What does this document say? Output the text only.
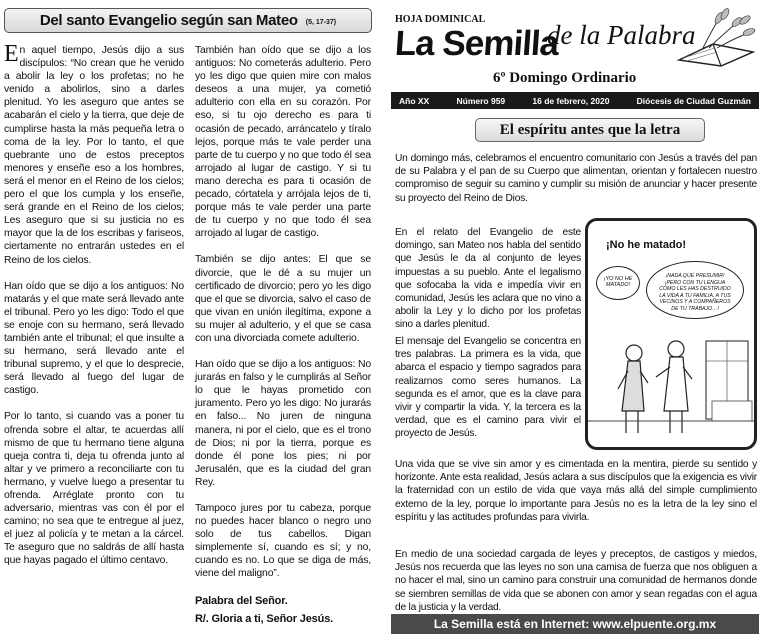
Del santo Evangelio según san Mateo (5, 17-37)

En aquel tiempo, Jesús dijo a sus discípulos: “No crean que he venido a abolir la ley o los profetas; no he venido a abolirlos, sino a darles plenitud. Yo les aseguro que antes se acabarán el cielo y la tierra, que deje de cumplirse hasta la más pequeña letra o coma de la ley. Por lo tanto, el que quebrante uno de estos preceptos menores y enseñe eso a los hombres, será el menor en el Reino de los cielos; pero el que los cumpla y los enseñe, será grande en el Reino de los cielos; Les aseguro que si su justicia no es mayor que la de los escribas y fariseos, ciertamente no entrarán ustedes en el Reino de los cielos.

Han oído que se dijo a los antiguos: No matarás y el que mate será llevado ante el tribunal. Pero yo les digo: Todo el que se enoje con su hermano, será llevado también ante el tribunal; el que insulte a su hermano, será llevado ante el tribunal supremo, y el que lo desprecie, será llevado al fuego del lugar de castigo.

Por lo tanto, si cuando vas a poner tu ofrenda sobre el altar, te acuerdas allí mismo de que tu hermano tiene alguna queja contra ti, deja tu ofrenda junto al altar y ve primero a reconciliarte con tu hermano, y vuelve luego a presentar tu ofrenda. Arréglate pronto con tu adversario, mientras vas con él por el camino; no sea que te entregue al juez, el juez al policía y te metan a la cárcel. Te aseguro que no saldrás de allí hasta que hayas pagado el último centavo.

También han oído que se dijo a los antiguos: No cometerás adulterio. Pero yo les digo que quien mire con malos deseos a una mujer, ya cometió adulterio con ella en su corazón. Por eso, si tu ojo derecho es para ti ocasión de pecado, arráncatelo y tíralo lejos, porque más te vale perder una parte de tu cuerpo y no que todo él sea arrojado al lugar de castigo. Y si tu mano derecha es para ti ocasión de pecado, córtatela y arrójala lejos de ti, porque más te vale perder una parte de tu cuerpo y no que todo él sea arrojado al lugar de castigo.

También se dijo antes: El que se divorcie, que le dé a su mujer un certificado de divorcio; pero yo les digo que el que se divorcia, salvo el caso de que vivan en unión ilegítima, expone a su mujer al adulterio, y el que se casa con una divorciada comete adulterio.

Han oído que se dijo a los antiguos: No jurarás en falso y le cumplirás al Señor lo que le hayas prometido con juramento. Pero yo les digo: No jurarás en falso... No juren de ninguna manera, ni por el cielo, que es el trono de Dios; ni por la tierra, porque es donde él pone los pies; ni por Jerusalén, que es la ciudad del gran Rey.

Tampoco jures por tu cabeza, porque no puedes hacer blanco o negro uno solo de tus cabellos. Digan simplemente sí, cuando es sí; y no, cuando es no. Lo que se diga de más, viene del maligno”.

Palabra del Señor.
R/. Gloria a ti, Señor Jesús.
HOJA DOMINICAL
La Semilla
de la Palabra
6º Domingo Ordinario
Año XX	Número 959	16 de febrero, 2020	Diócesis de Ciudad Guzmán
El espíritu antes que la letra

Un domingo más, celebramos el encuentro comunitario con Jesús a través del pan de su Palabra y el pan de su Cuerpo que alimentan, orientan y fortalecen nuestro compromiso de seguir su camino y cumplir su misión de anunciar y hacer presente su proyecto del Reino de Dios.

En el relato del Evangelio de este domingo, san Mateo nos habla del sentido que Jesús le da al conjunto de leyes impuestas a su pueblo. Ante el legalismo que sofocaba la vida e impedía vivir en comunidad, Jesús les aclara que no vino a abolir la Ley y lo dicho por los profetas sino a darles plenitud.

El mensaje del Evangelio se concentra en tres palabras. La primera es la vida, que abarca el espacio y tiempo sagrados para realizarnos como seres humanos. La segunda es el amor, que es la clave para vivir y compartir la vida. Y, la tercera es la verdad, que es el camino para vivir el proyecto de Jesús.

Una vida que se vive sin amor y es cimentada en la mentira, pierde su sentido y horizonte. Ante esta realidad, Jesús aclara a sus discípulos que la exigencia es vivir la fraternidad con un estilo de vida que vaya más allá del simple cumplimiento externo de la ley, porque lo importante para Jesús no es la letra de la ley sino el espíritu y las actitudes profundas para vivirla.

En medio de una sociedad cargada de leyes y preceptos, de castigos y miedos, Jesús nos recuerda que las leyes no son una camisa de fuerza que nos obliguen a no hacer el mal, sino un camino para construir una comunidad de hermanos donde se siembren semillas de vida que se abonen con amor y sean regadas con el agua de la justicia y la verdad.

¡No he matado!
¡YO NO HE MATADO!
¡NADA QUE PRESUMIR! ¡PERO CON TU LENGUA CÓMO LES HAS DESTRUIDO LA VIDA A TU FAMILIA, A TUS VECINOS Y A COMPAÑEROS DE TU TRABAJO…!
La Semilla está en Internet: www.elpuente.org.mx
